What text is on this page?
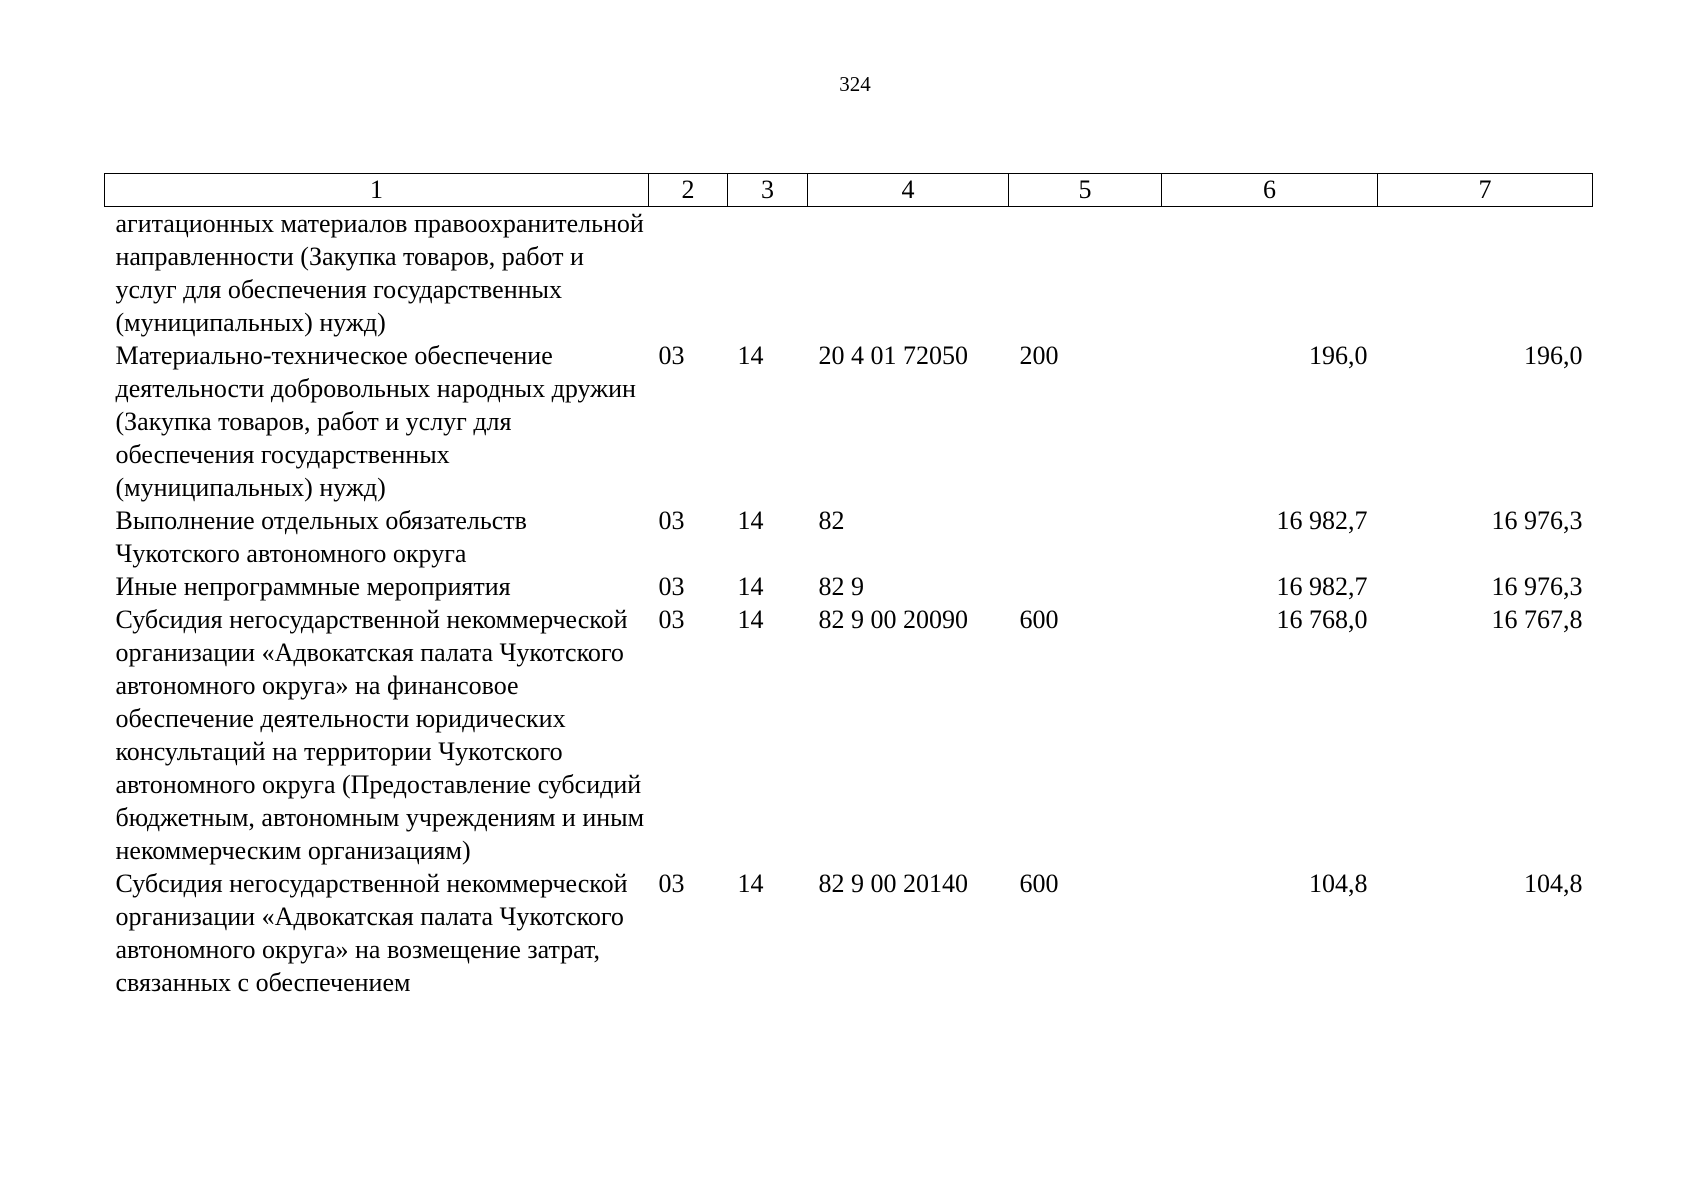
324
1	2	3	4	5	6	7
агитационных материалов правоохранительной направленности (Закупка товаров, работ и услуг для обеспечения государственных (муниципальных) нужд)						
Материально-техническое обеспечение деятельности добровольных народных дружин (Закупка товаров, работ и услуг для обеспечения государственных (муниципальных) нужд)	03	14	20 4 01 72050	200	196,0	196,0
Выполнение отдельных обязательств Чукотского автономного округа	03	14	82		16 982,7	16 976,3
Иные непрограммные мероприятия	03	14	82 9		16 982,7	16 976,3
Субсидия негосударственной некоммерческой организации «Адвокатская палата Чукотского автономного округа» на финансовое обеспечение деятельности юридических консультаций на территории Чукотского автономного округа (Предоставление субсидий бюджетным, автономным учреждениям и иным некоммерческим организациям)	03	14	82 9 00 20090	600	16 768,0	16 767,8
Субсидия негосударственной некоммерческой организации «Адвокатская палата Чукотского автономного округа» на возмещение затрат, связанных с обеспечением	03	14	82 9 00 20140	600	104,8	104,8
